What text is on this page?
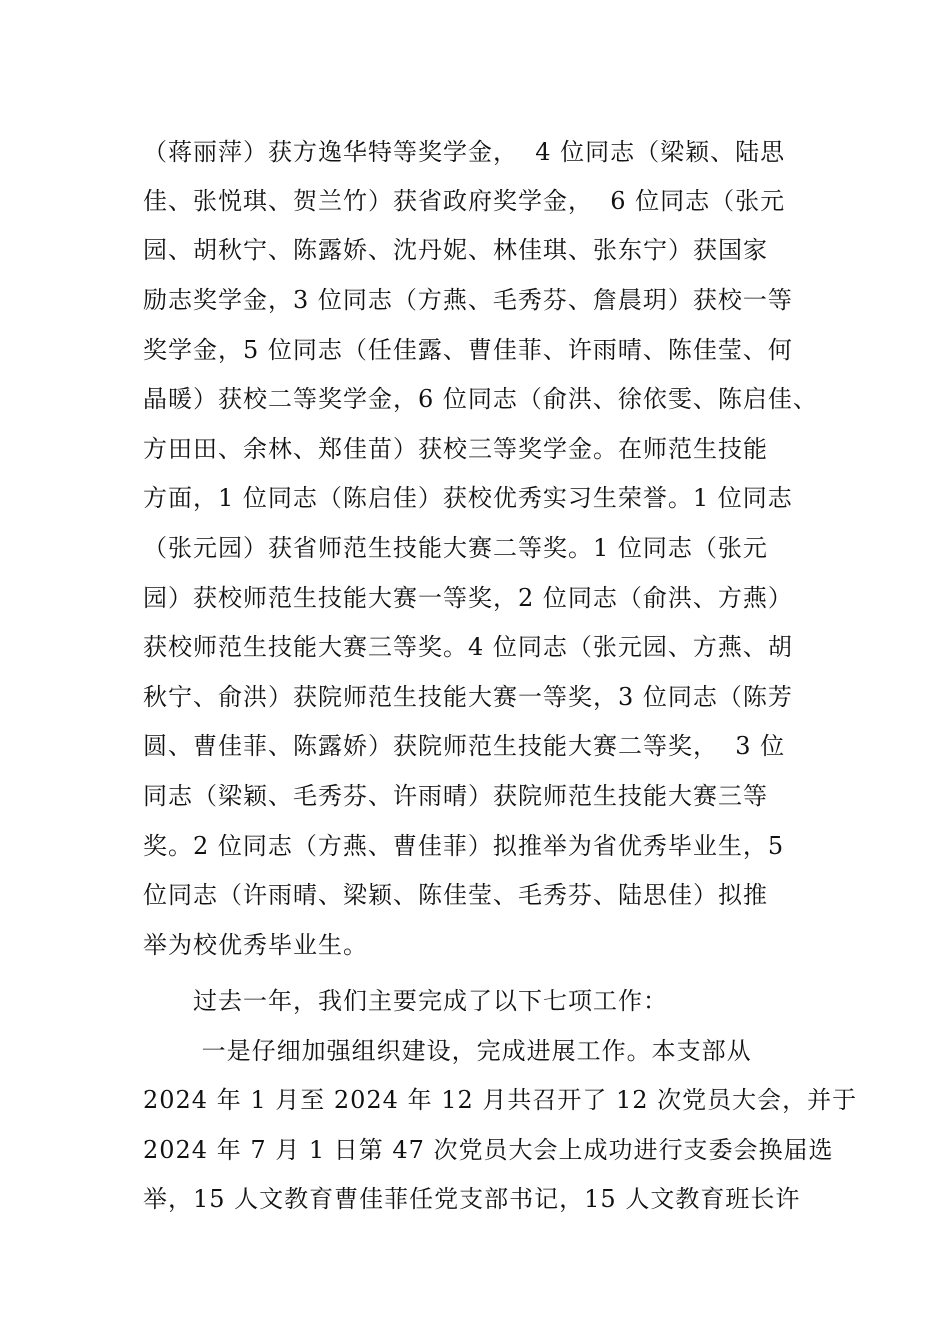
（蒋丽萍）获方逸华特等奖学金，  4 位同志（梁颖、陆思
佳、张悦琪、贺兰竹）获省政府奖学金，  6 位同志（张元
园、胡秋宁、陈露娇、沈丹妮、林佳琪、张东宁）获国家
励志奖学金，3 位同志（方燕、毛秀芬、詹晨玥）获校一等
奖学金，5 位同志（任佳露、曹佳菲、许雨晴、陈佳莹、何
晶暖）获校二等奖学金，6 位同志（俞洪、徐依雯、陈启佳、
方田田、余林、郑佳苗）获校三等奖学金。在师范生技能
方面，1 位同志（陈启佳）获校优秀实习生荣誉。1 位同志
（张元园）获省师范生技能大赛二等奖。1 位同志（张元
园）获校师范生技能大赛一等奖，2 位同志（俞洪、方燕）
获校师范生技能大赛三等奖。4 位同志（张元园、方燕、胡
秋宁、俞洪）获院师范生技能大赛一等奖，3 位同志（陈芳
圆、曹佳菲、陈露娇）获院师范生技能大赛二等奖，  3 位
同志（梁颖、毛秀芬、许雨晴）获院师范生技能大赛三等
奖。2 位同志（方燕、曹佳菲）拟推举为省优秀毕业生，5
位同志（许雨晴、梁颖、陈佳莹、毛秀芬、陆思佳）拟推
举为校优秀毕业生。
过去一年，我们主要完成了以下七项工作：
一是仔细加强组织建设，完成进展工作。本支部从
2024 年 1 月至 2024 年 12 月共召开了 12 次党员大会，并于
2024 年 7 月 1 日第 47 次党员大会上成功进行支委会换届选
举，15 人文教育曹佳菲任党支部书记，15 人文教育班长许
